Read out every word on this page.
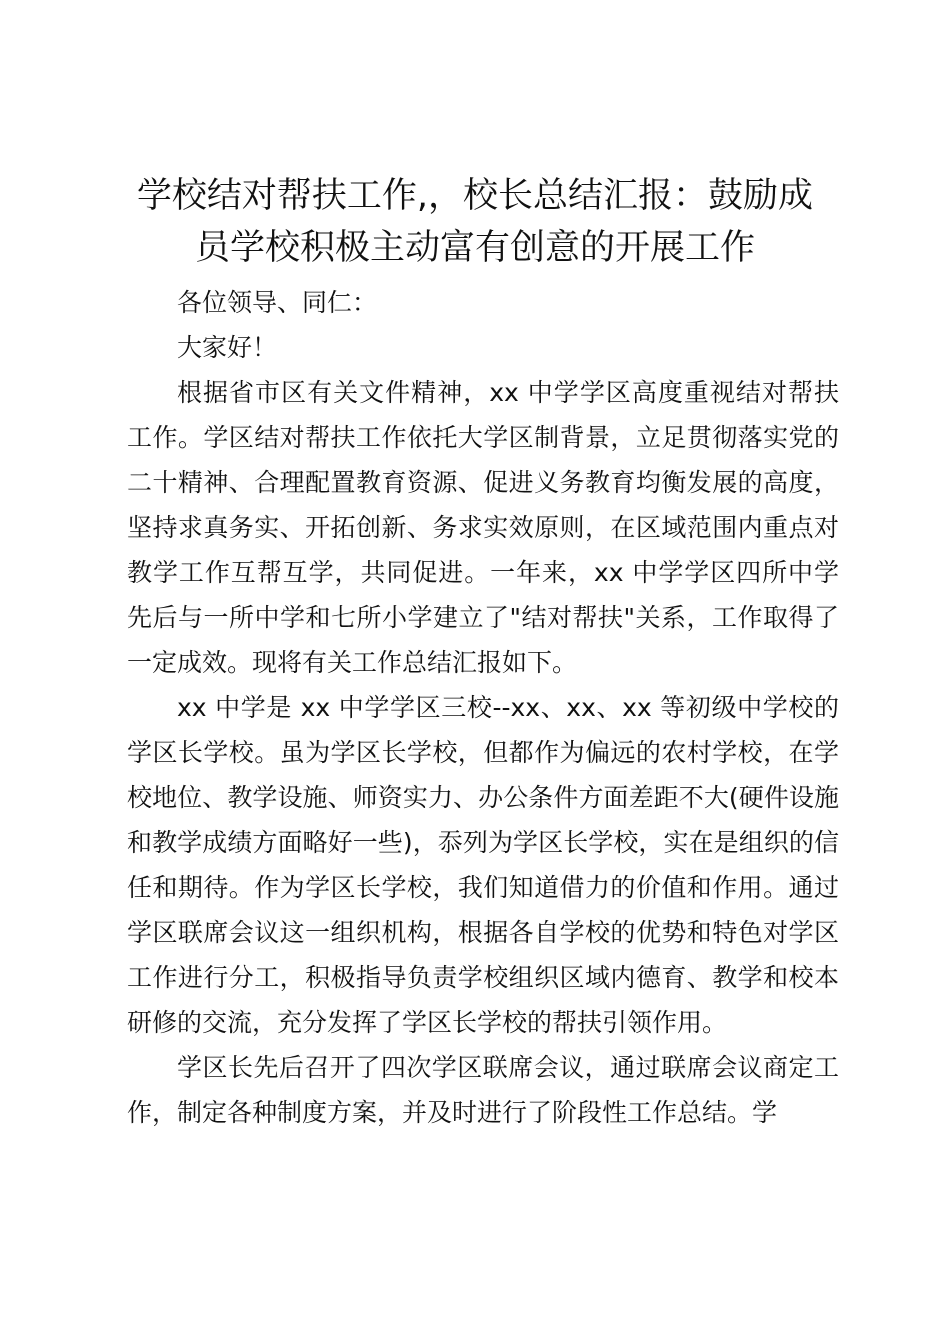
学校结对帮扶工作,，校长总结汇报：鼓励成
员学校积极主动富有创意的开展工作

各位领导、同仁：

大家好！

根据省市区有关文件精神，xx 中学学区高度重视结对帮扶工作。学区结对帮扶工作依托大学区制背景，立足贯彻落实党的二十精神、合理配置教育资源、促进义务教育均衡发展的高度，坚持求真务实、开拓创新、务求实效原则，在区域范围内重点对教学工作互帮互学，共同促进。一年来，xx 中学学区四所中学先后与一所中学和七所小学建立了"结对帮扶"关系，工作取得了一定成效。现将有关工作总结汇报如下。

xx 中学是 xx 中学学区三校--xx、xx、xx 等初级中学校的学区长学校。虽为学区长学校，但都作为偏远的农村学校，在学校地位、教学设施、师资实力、办公条件方面差距不大(硬件设施和教学成绩方面略好一些)，忝列为学区长学校，实在是组织的信任和期待。作为学区长学校，我们知道借力的价值和作用。通过学区联席会议这一组织机构，根据各自学校的优势和特色对学区工作进行分工，积极指导负责学校组织区域内德育、教学和校本研修的交流，充分发挥了学区长学校的帮扶引领作用。

学区长先后召开了四次学区联席会议，通过联席会议商定工作，制定各种制度方案，并及时进行了阶段性工作总结。学
